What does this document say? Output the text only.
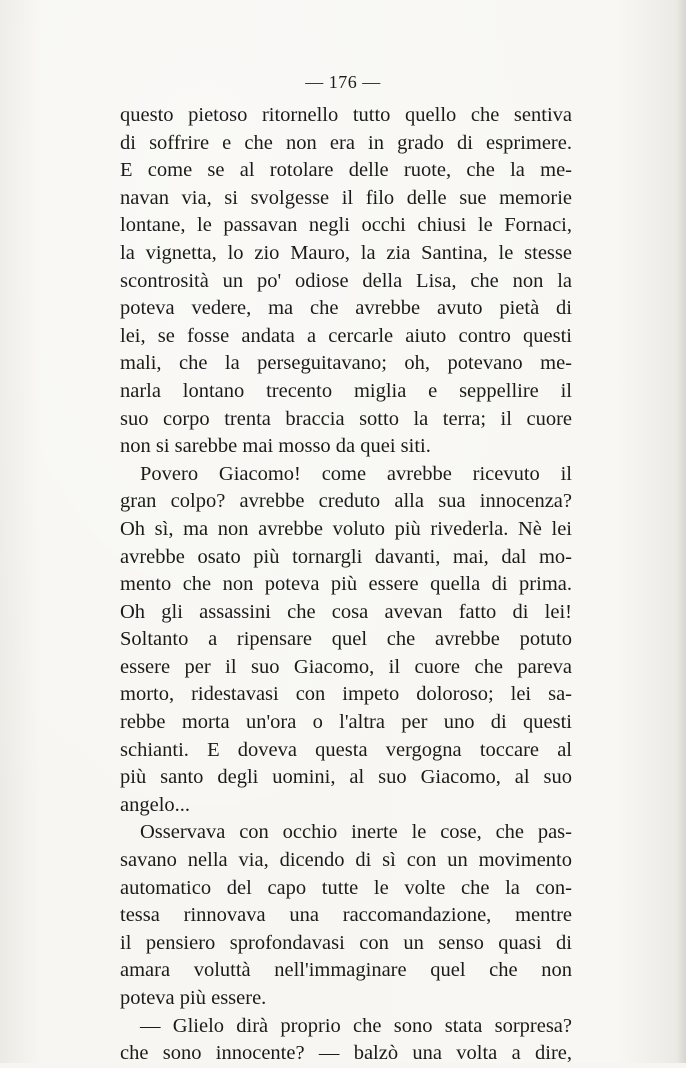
— 176 —
questo pietoso ritornello tutto quello che sentiva
di soffrire e che non era in grado di esprimere.
E come se al rotolare delle ruote, che la me-
navan via, si svolgesse il filo delle sue memorie
lontane, le passavan negli occhi chiusi le Fornaci,
la vignetta, lo zio Mauro, la zia Santina, le stesse
scontrosità un po' odiose della Lisa, che non la
poteva vedere, ma che avrebbe avuto pietà di
lei, se fosse andata a cercarle aiuto contro questi
mali, che la perseguitavano; oh, potevano me-
narla lontano trecento miglia e seppellire il
suo corpo trenta braccia sotto la terra; il cuore
non si sarebbe mai mosso da quei siti.
Povero Giacomo! come avrebbe ricevuto il
gran colpo? avrebbe creduto alla sua innocenza?
Oh sì, ma non avrebbe voluto più rivederla. Nè lei
avrebbe osato più tornargli davanti, mai, dal mo-
mento che non poteva più essere quella di prima.
Oh gli assassini che cosa avevan fatto di lei!
Soltanto a ripensare quel che avrebbe potuto
essere per il suo Giacomo, il cuore che pareva
morto, ridestavasi con impeto doloroso; lei sa-
rebbe morta un'ora o l'altra per uno di questi
schianti. E doveva questa vergogna toccare al
più santo degli uomini, al suo Giacomo, al suo
angelo...
Osservava con occhio inerte le cose, che pas-
savano nella via, dicendo di sì con un movimento
automatico del capo tutte le volte che la con-
tessa rinnovava una raccomandazione, mentre
il pensiero sprofondavasi con un senso quasi di
amara voluttà nell'immaginare quel che non
poteva più essere.
— Glielo dirà proprio che sono stata sorpresa?
che sono innocente? — balzò una volta a dire,
